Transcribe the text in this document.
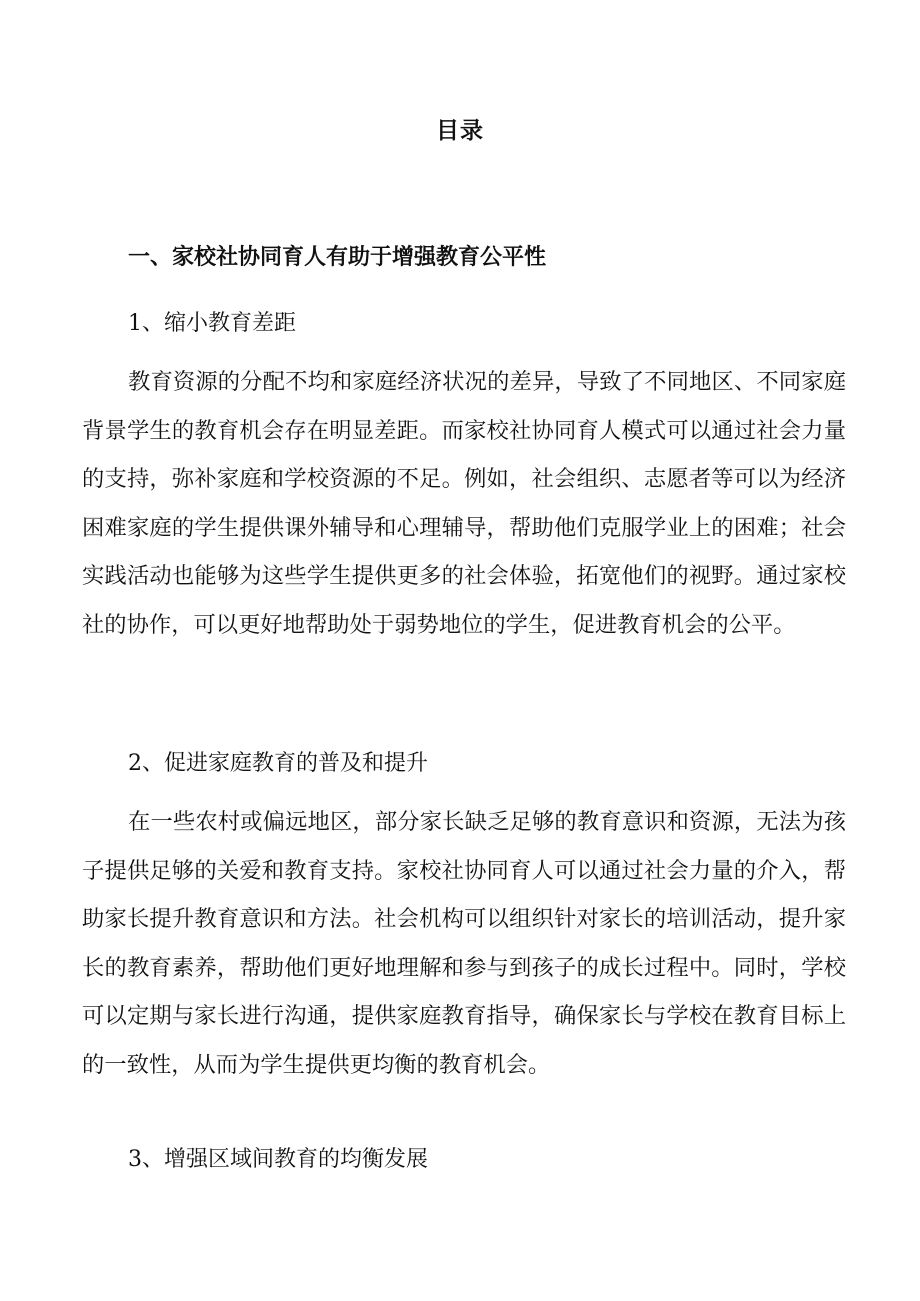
目录
一、家校社协同育人有助于增强教育公平性
1、缩小教育差距

教育资源的分配不均和家庭经济状况的差异，导致了不同地区、不同家庭背景学生的教育机会存在明显差距。而家校社协同育人模式可以通过社会力量的支持，弥补家庭和学校资源的不足。例如，社会组织、志愿者等可以为经济困难家庭的学生提供课外辅导和心理辅导，帮助他们克服学业上的困难；社会实践活动也能够为这些学生提供更多的社会体验，拓宽他们的视野。通过家校社的协作，可以更好地帮助处于弱势地位的学生，促进教育机会的公平。

2、促进家庭教育的普及和提升

在一些农村或偏远地区，部分家长缺乏足够的教育意识和资源，无法为孩子提供足够的关爱和教育支持。家校社协同育人可以通过社会力量的介入，帮助家长提升教育意识和方法。社会机构可以组织针对家长的培训活动，提升家长的教育素养，帮助他们更好地理解和参与到孩子的成长过程中。同时，学校可以定期与家长进行沟通，提供家庭教育指导，确保家长与学校在教育目标上的一致性，从而为学生提供更均衡的教育机会。

3、增强区域间教育的均衡发展
